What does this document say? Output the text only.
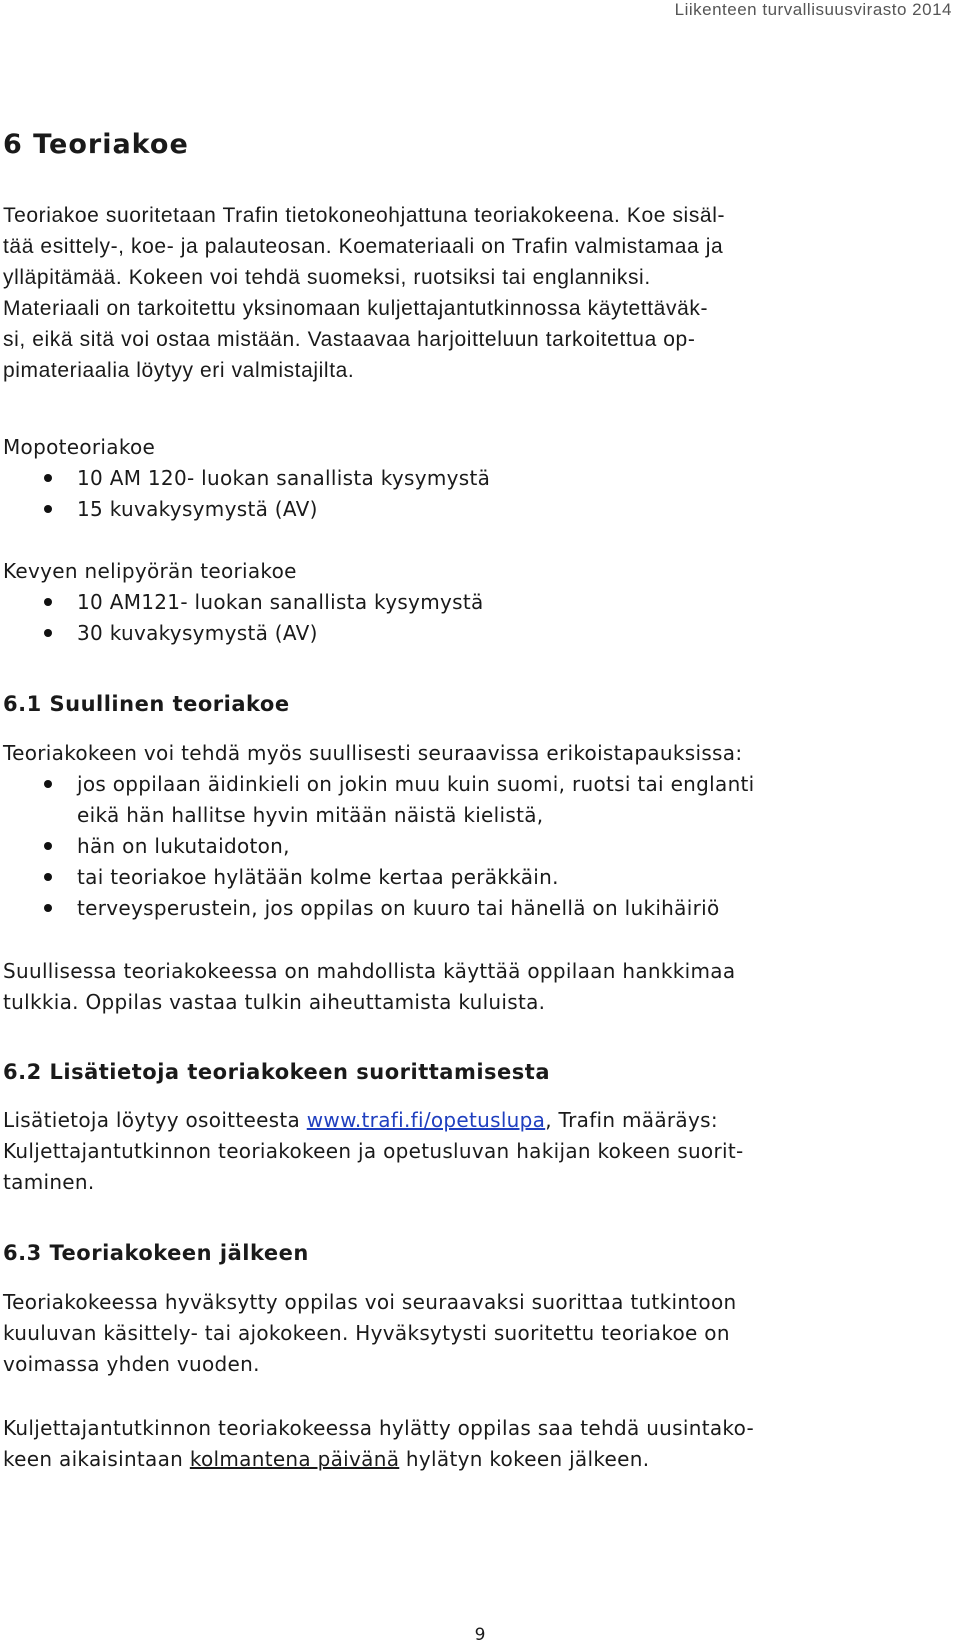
Liikenteen turvallisuusvirasto 2014
6 Teoriakoe

Teoriakoe suoritetaan Trafin tietokoneohjattuna teoriakokeena. Koe sisäl-

tää esittely-, koe- ja palauteosan. Koemateriaali on Trafin valmistamaa ja

ylläpitämää. Kokeen voi tehdä suomeksi, ruotsiksi tai englanniksi.

Materiaali on tarkoitettu yksinomaan kuljettajantutkinnossa käytettäväk-

si, eikä sitä voi ostaa mistään. Vastaavaa harjoitteluun tarkoitettua op-

pimateriaalia löytyy eri valmistajilta.

Mopoteoriakoe
10 AM 120- luokan sanallista kysymystä
15 kuvakysymystä (AV)
Kevyen nelipyörän teoriakoe
10 AM121- luokan sanallista kysymystä
30 kuvakysymystä (AV)
6.1 Suullinen teoriakoe
Teoriakokeen voi tehdä myös suullisesti seuraavissa erikoistapauksissa:
jos oppilaan äidinkieli on jokin muu kuin suomi, ruotsi tai englanti
eikä hän hallitse hyvin mitään näistä kielistä,
hän on lukutaidoton,
tai teoriakoe hylätään kolme kertaa peräkkäin.
terveysperustein, jos oppilas on kuuro tai hänellä on lukihäiriö

Suullisessa teoriakokeessa on mahdollista käyttää oppilaan hankkimaa

tulkkia. Oppilas vastaa tulkin aiheuttamista kuluista.

6.2 Lisätietoja teoriakokeen suorittamisesta

Lisätietoja löytyy osoitteesta www.trafi.fi/opetuslupa, Trafin määräys:

Kuljettajantutkinnon teoriakokeen ja opetusluvan hakijan kokeen suorit-

taminen.

6.3 Teoriakokeen jälkeen

Teoriakokeessa hyväksytty oppilas voi seuraavaksi suorittaa tutkintoon

kuuluvan käsittely- tai ajokokeen. Hyväksytysti suoritettu teoriakoe on

voimassa yhden vuoden.

Kuljettajantutkinnon teoriakokeessa hylätty oppilas saa tehdä uusintako-

keen aikaisintaan kolmantena päivänä hylätyn kokeen jälkeen.

9
